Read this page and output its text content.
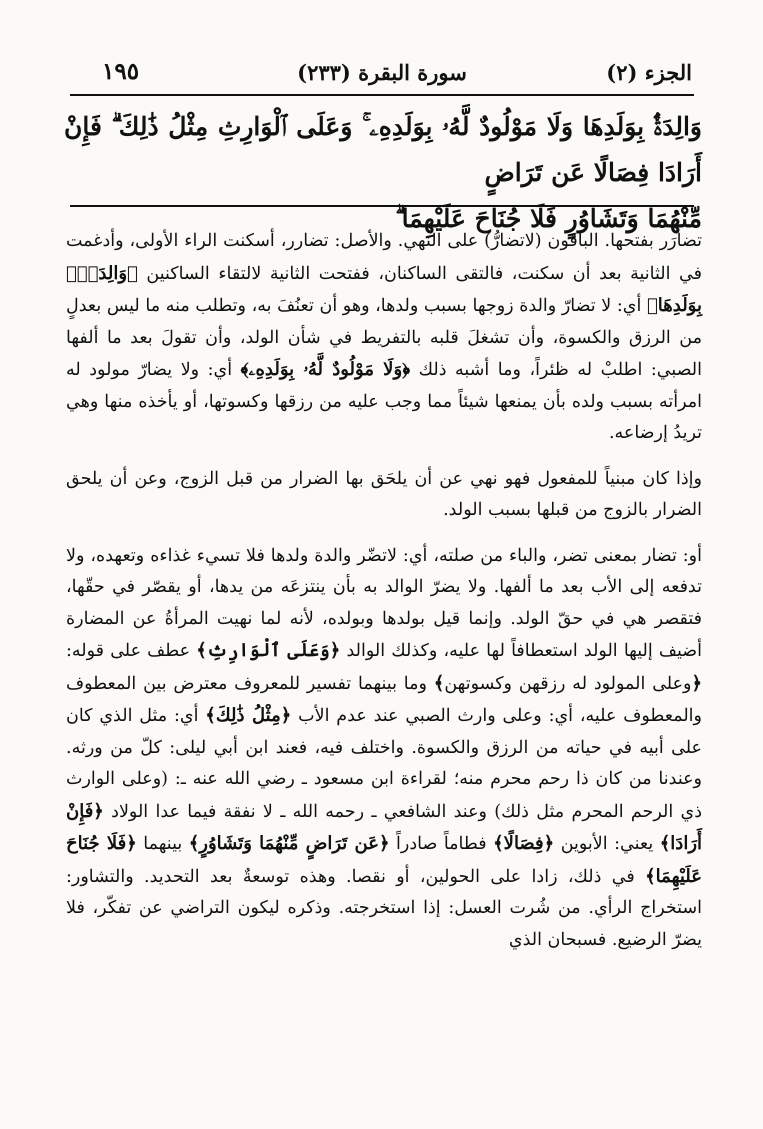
الجزء (٢)
سورة البقرة (٢٣٣)
١٩٥
وَالِدَةٌۢ بِوَلَدِهَا وَلَا مَوْلُودٌ لَّهُۥ بِوَلَدِهِۦ ۚ وَعَلَى ٱلْوَارِثِ مِثْلُ ذَٰلِكَ ۗ فَإِنْ أَرَادَا فِصَالًا عَن تَرَاضٍ
مِّنْهُمَا وَتَشَاوُرٍ فَلَا جُنَاحَ عَلَيْهِمَا ۗ

تضارَر بفتحها. الباقون (لاتضارُّ) على النهي. والأصل: تضارر، أسكنت الراء الأولى، وأدغمت في الثانية بعد أن سكنت، فالتقى الساكنان، ففتحت الثانية لالتقاء الساكنين ﴿وَالِدَةٌۢ بِوَلَدِهَا﴾ أي: لا تضارّ والدة زوجها بسبب ولدها، وهو أن تعنُفَ به، وتطلب منه ما ليس بعدلٍ من الرزق والكسوة، وأن تشغلَ قلبه بالتفريط في شأن الولد، وأن تقولَ بعد ما ألفها الصبي: اطلبْ له ظئراً، وما أشبه ذلك ﴿وَلَا مَوْلُودٌ لَّهُۥ بِوَلَدِهِۦ﴾ أي: ولا يضارّ مولود له امرأته بسبب ولده بأن يمنعها شيئاً مما وجب عليه من رزقها وكسوتها، أو يأخذه منها وهي تريدُ إرضاعه.

وإذا كان مبنياً للمفعول فهو نهي عن أن يلحَق بها الضرار من قبل الزوج، وعن أن يلحق الضرار بالزوج من قبلها بسبب الولد.

أو: تضار بمعنى تضر، والباء من صلته، أي: لاتضّر والدة ولدها فلا تسيء غذاءه وتعهده، ولا تدفعه إلى الأب بعد ما ألفها. ولا يضرّ الوالد به بأن ينتزعَه من يدها، أو يقصّر في حقّها، فتقصر هي في حقّ الولد. وإنما قيل بولدها وبولده، لأنه لما نهيت المرأةُ عن المضارة أضيف إليها الولد استعطافاً لها عليه، وكذلك الوالد ﴿وَعَلَى ٱلْوَارِثِ﴾ عطف على قوله: ﴿وعلى المولود له رزقهن وكسوتهن﴾ وما بينهما تفسير للمعروف معترض بين المعطوف والمعطوف عليه، أي: وعلى وارث الصبي عند عدم الأب ﴿مِثْلُ ذَٰلِكَ﴾ أي: مثل الذي كان على أبيه في حياته من الرزق والكسوة. واختلف فيه، فعند ابن أبي ليلى: كلّ من ورثه. وعندنا من كان ذا رحم محرم منه؛ لقراءة ابن مسعود ـ رضي الله عنه ـ: (وعلى الوارث ذي الرحم المحرم مثل ذلك) وعند الشافعي ـ رحمه الله ـ لا نفقة فيما عدا الولاد ﴿فَإِنْ أَرَادَا﴾ يعني: الأبوين ﴿فِصَالًا﴾ فطاماً صادراً ﴿عَن تَرَاضٍ مِّنْهُمَا وَتَشَاوُرٍ﴾ بينهما ﴿فَلَا جُنَاحَ عَلَيْهِمَا﴾ في ذلك، زادا على الحولين، أو نقصا. وهذه توسعةٌ بعد التحديد. والتشاور: استخراج الرأي. من شُرت العسل: إذا استخرجته. وذكره ليكون التراضي عن تفكّر، فلا يضرّ الرضيع. فسبحان الذي
